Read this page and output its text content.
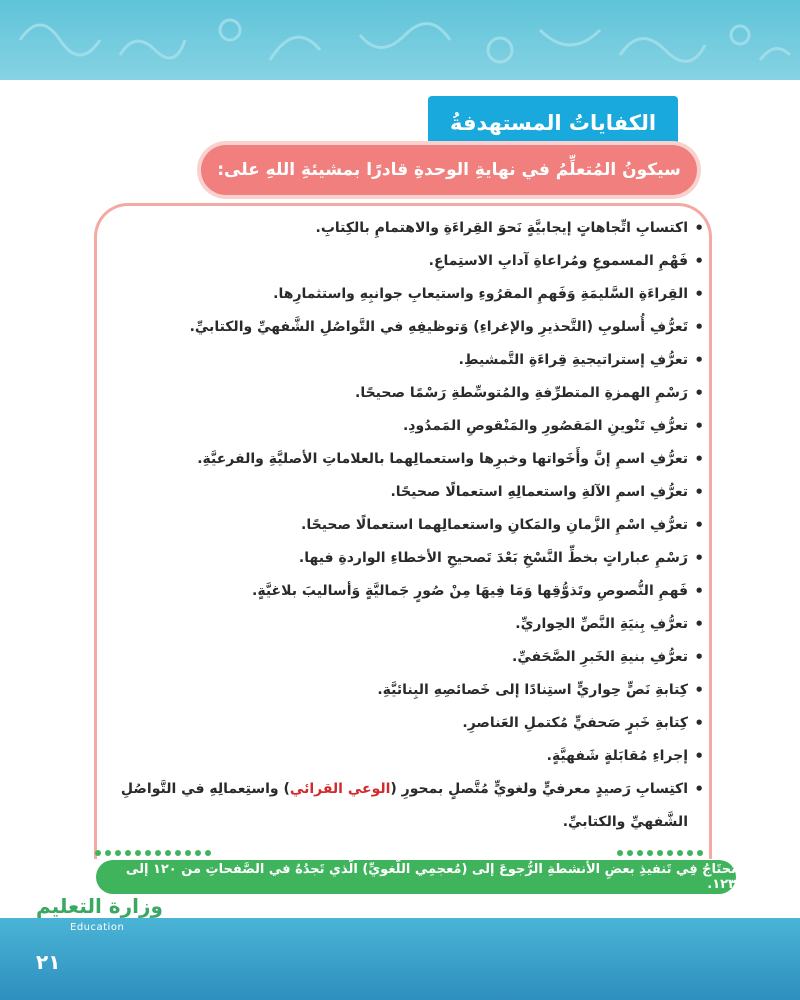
الكفاياتُ المستهدفةُ
سيكونُ المُتعلِّمُ في نهايةِ الوحدةِ قادرًا بمشيئةِ اللهِ على:
• اكتسابِ اتِّجاهاتٍ إيجابيَّةٍ نَحوَ القِراءَةِ والاهتمامِ بالكِتابِ.
• فَهْمِ المسموعِ ومُراعاةِ آدابِ الاستِماعِ.
• القِراءَةِ السَّليمَةِ وَفَهمِ المقرُوءِ واستيعابِ جوانبِهِ واستثمارِها.
• تَعرُّفِ أُسلوبِ (التَّحذيرِ والإغراءِ) وَتوظيفِهِ في التَّواصُلِ الشَّفهيِّ والكتابيِّ.
• تعرُّفِ إستراتيجيةِ قِراءَةِ التَّمشيطِ.
• رَسْمِ الهمزةِ المتطرِّفةِ والمُتوسِّطةِ رَسْمًا صحيحًا.
• تعرُّفِ تَنْوينِ المَقصُورِ والمَنْقوصِ المَمدُودِ.
• تعرُّفِ اسمِ إنَّ وأَخَواتها وخبرِها واستعمالِهما بالعلاماتِ الأصليَّةِ والفرعيَّةِ.
• تعرُّفِ اسمِ الآلةِ واستعمالِهِ استعمالًا صحيحًا.
• تعرُّفِ اسْمِ الزَّمانِ والمَكانِ واستعمالِهما استعمالًا صحيحًا.
• رَسْمِ عباراتٍ بخطِّ النَّسْخِ بَعْدَ تَصحيحِ الأخطاءِ الواردةِ فيها.
• فَهمِ النُّصوصِ وتَذوُّقِها وَمَا فِيهَا مِنْ صُورٍ جَماليَّةٍ وَأساليبَ بلاغيَّةٍ.
• تعرُّفِ بِنيَةِ النَّصِّ الحِواريِّ.
• تعرُّفِ بنيةِ الخَبرِ الصَّحَفيِّ.
• كِتابةِ نَصٍّ حِواريٍّ استِنادًا إلى خَصائصِهِ البِنائيَّةِ.
• كِتابةِ خَبرٍ صَحفيٍّ مُكتملِ العَناصرِ.
• إجراءِ مُقابَلةٍ شَفهيَّةٍ.
• اكتِسابِ رَصيدٍ معرفيٍّ ولغويٍّ مُتَّصلٍ بمحورِ (الوعي القرائي) واستِعمالِهِ في التَّواصُلِ الشَّفهيِّ والكتابيِّ.
تَحتَاجُ فِي تَنفيذِ بعضِ الأنشطةِ الرُّجوعَ إلى (مُعجمِي اللُّغويِّ) الَّذي تَجدُهُ في الصَّفحاتِ من ١٢٠ إلى ١٢٣.
وزارة التعليم
Education
٢١
